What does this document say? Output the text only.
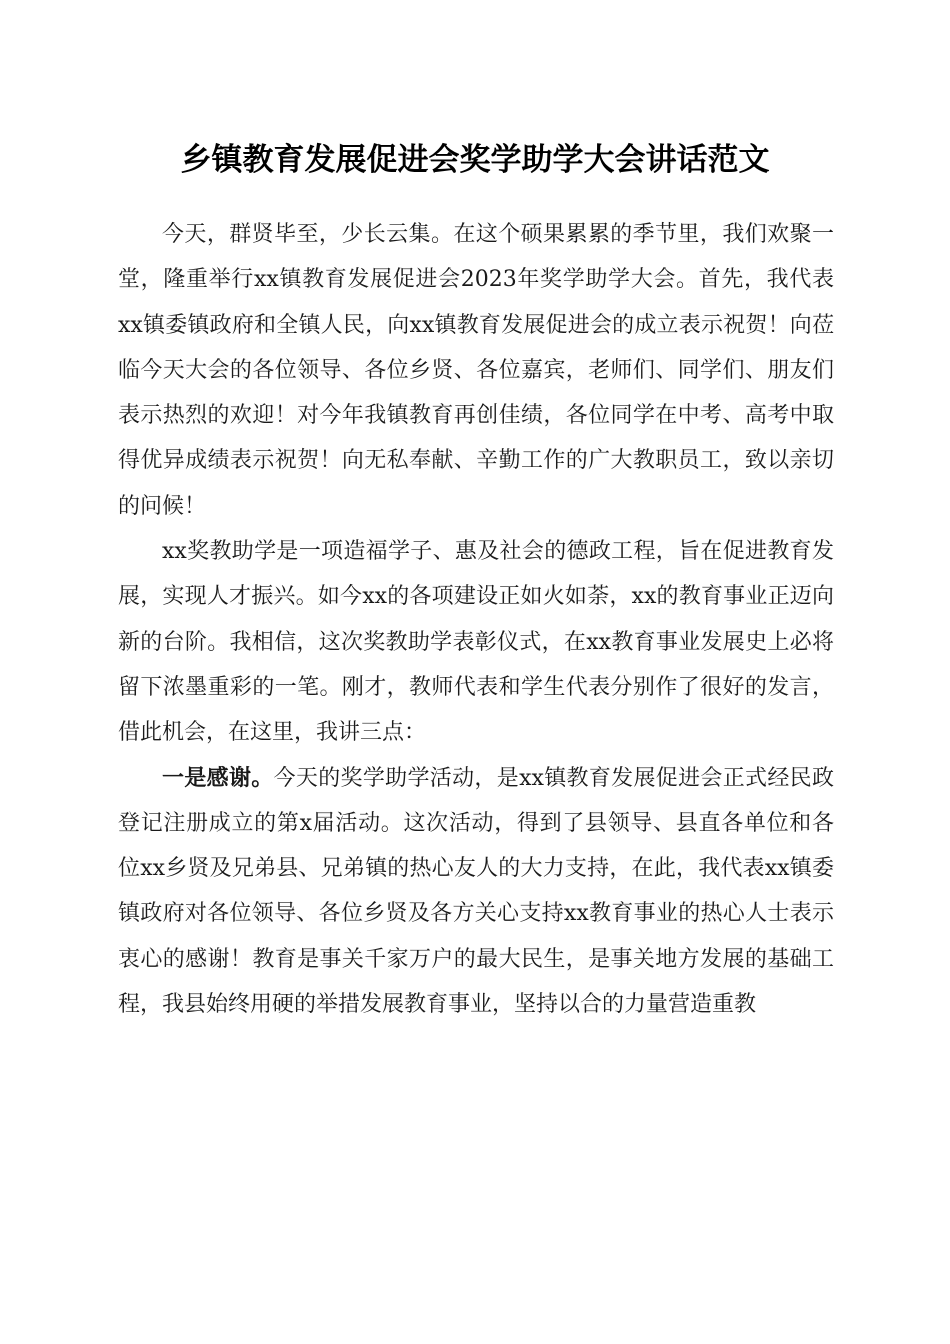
乡镇教育发展促进会奖学助学大会讲话范文

今天，群贤毕至，少长云集。在这个硕果累累的季节里，我们欢聚一堂，隆重举行xx镇教育发展促进会2023年奖学助学大会。首先，我代表xx镇委镇政府和全镇人民，向xx镇教育发展促进会的成立表示祝贺！向莅临今天大会的各位领导、各位乡贤、各位嘉宾，老师们、同学们、朋友们表示热烈的欢迎！对今年我镇教育再创佳绩，各位同学在中考、高考中取得优异成绩表示祝贺！向无私奉献、辛勤工作的广大教职员工，致以亲切的问候！

xx奖教助学是一项造福学子、惠及社会的德政工程，旨在促进教育发展，实现人才振兴。如今xx的各项建设正如火如荼，xx的教育事业正迈向新的台阶。我相信，这次奖教助学表彰仪式，在xx教育事业发展史上必将留下浓墨重彩的一笔。刚才，教师代表和学生代表分别作了很好的发言，借此机会，在这里，我讲三点：

一是感谢。今天的奖学助学活动，是xx镇教育发展促进会正式经民政登记注册成立的第x届活动。这次活动，得到了县领导、县直各单位和各位xx乡贤及兄弟县、兄弟镇的热心友人的大力支持，在此，我代表xx镇委镇政府对各位领导、各位乡贤及各方关心支持xx教育事业的热心人士表示衷心的感谢！教育是事关千家万户的最大民生，是事关地方发展的基础工程，我县始终用硬的举措发展教育事业，坚持以合的力量营造重教
